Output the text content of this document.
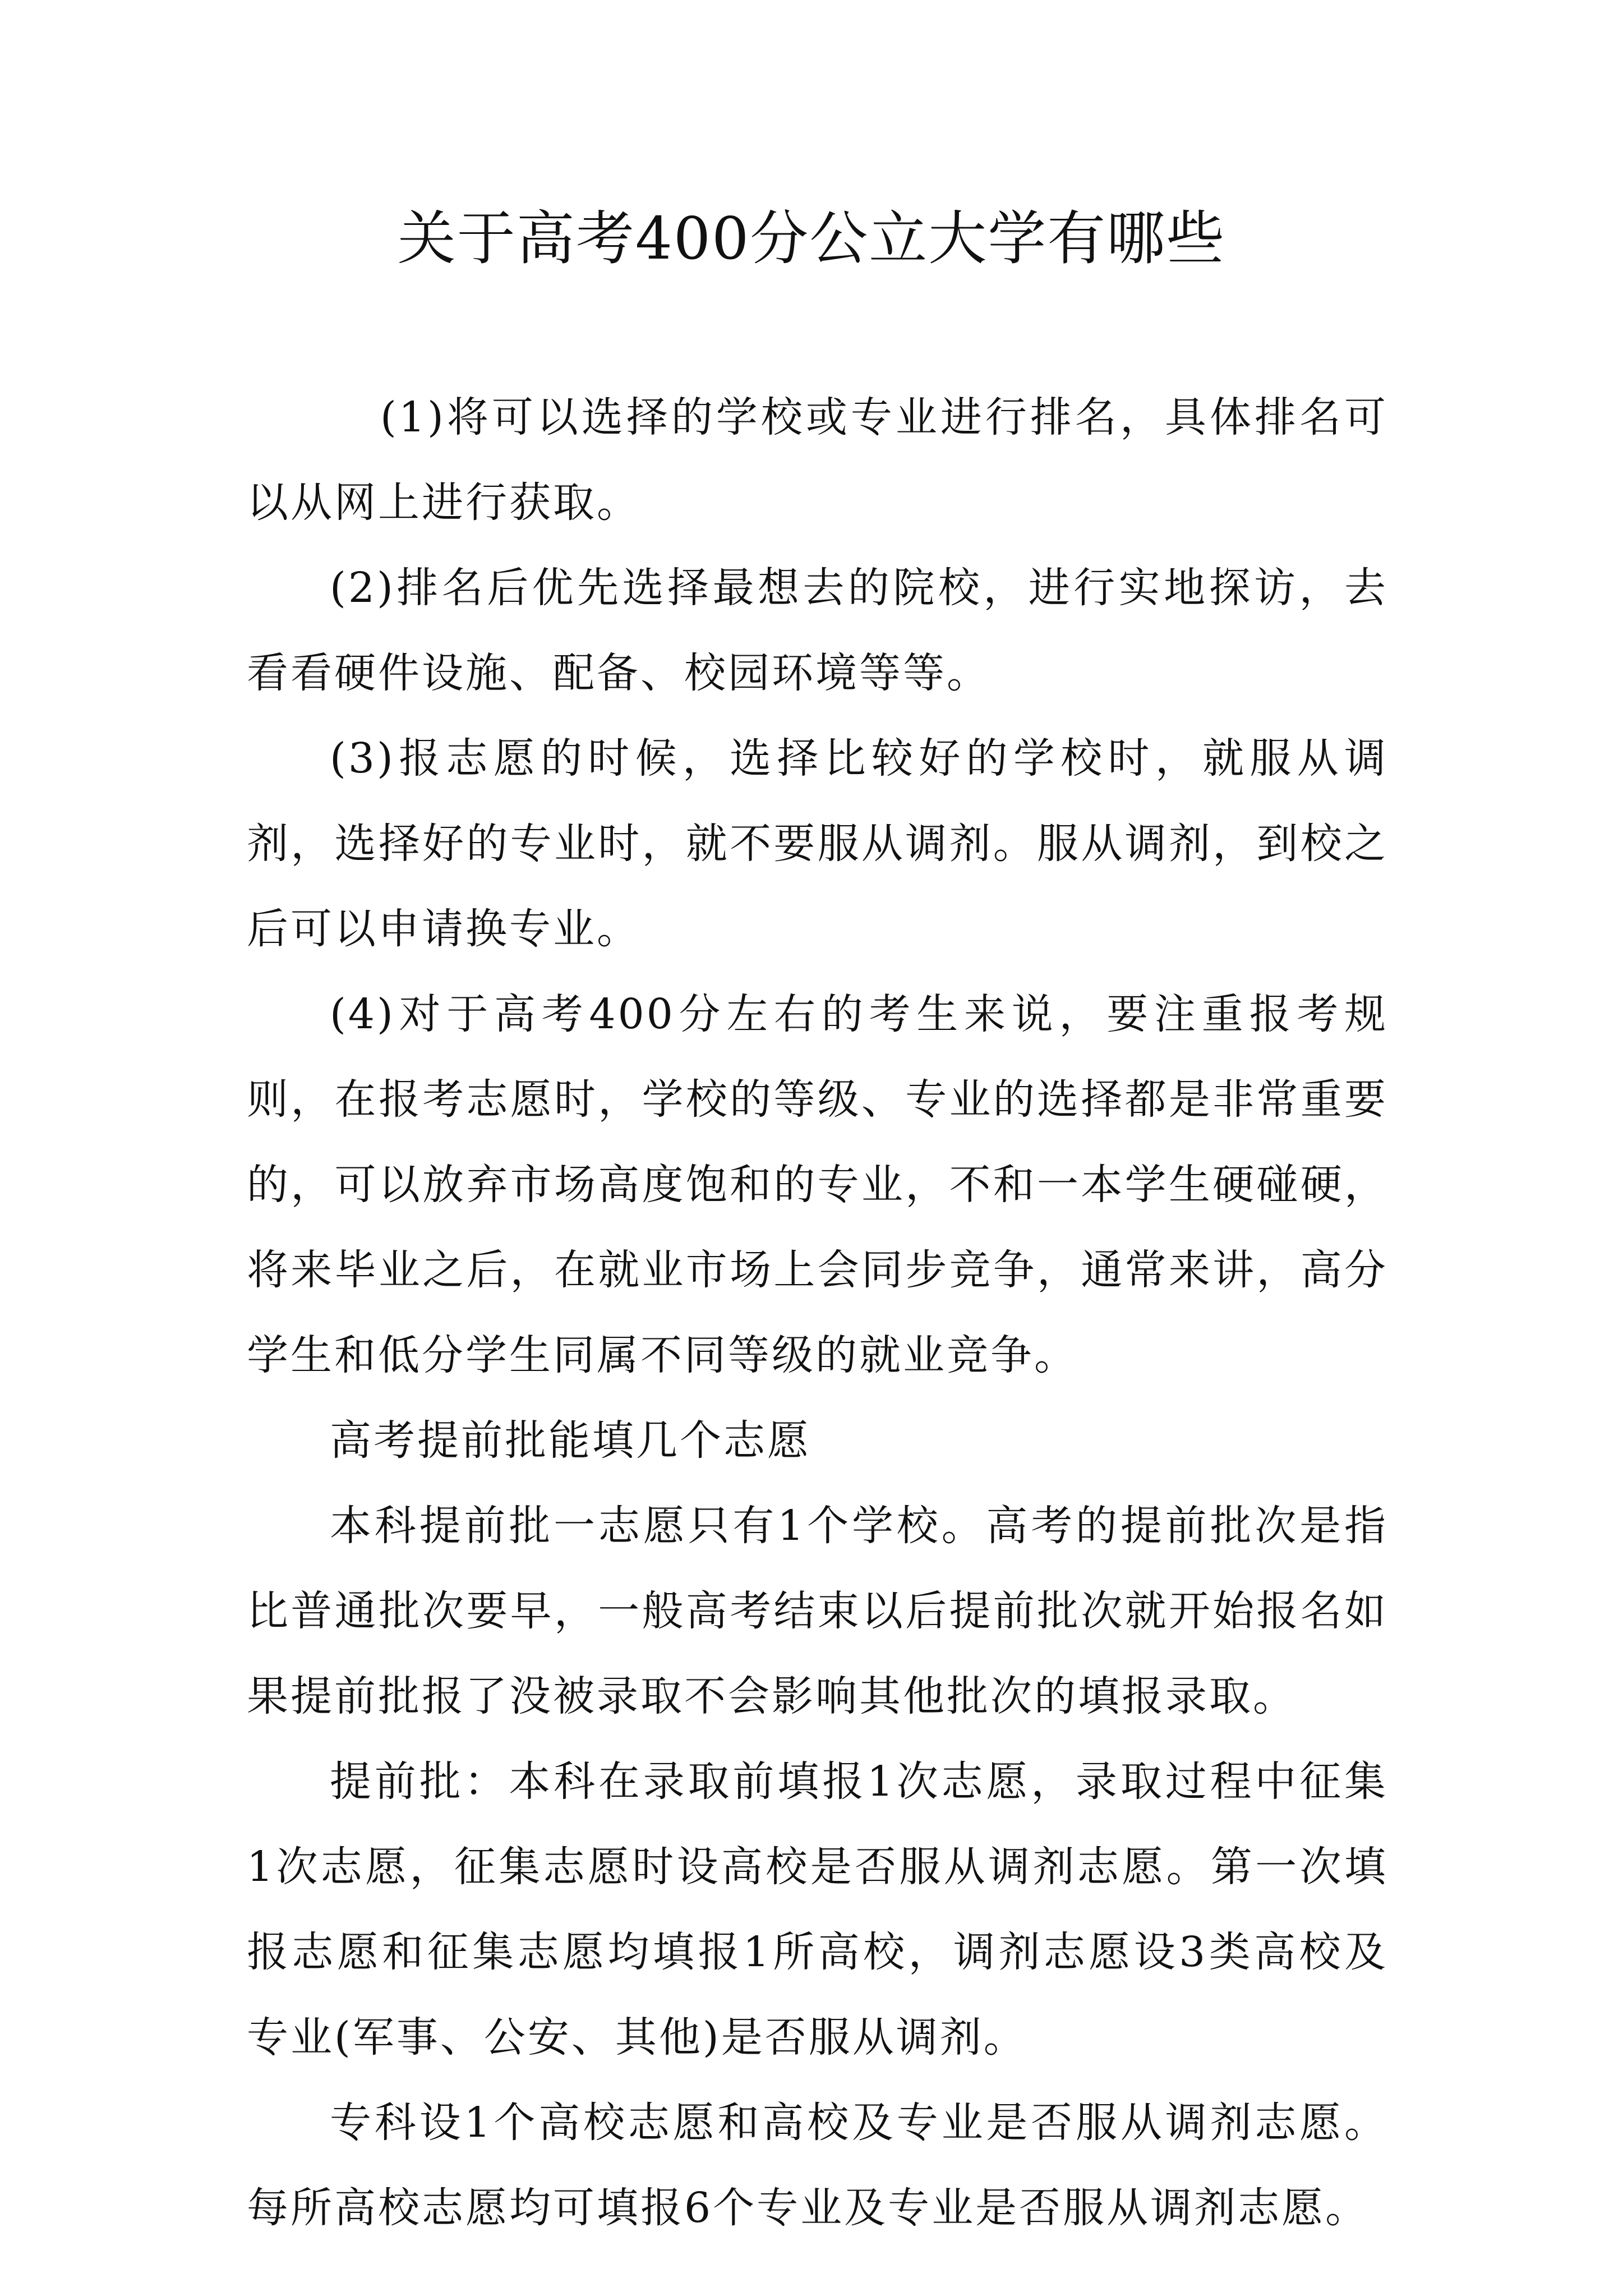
关于高考400分公立大学有哪些

(1)将可以选择的学校或专业进行排名，具体排名可以从网上进行获取。

(2)排名后优先选择最想去的院校，进行实地探访，去看看硬件设施、配备、校园环境等等。

(3)报志愿的时候，选择比较好的学校时，就服从调剂，选择好的专业时，就不要服从调剂。服从调剂，到校之后可以申请换专业。

(4)对于高考400分左右的考生来说，要注重报考规则，在报考志愿时，学校的等级、专业的选择都是非常重要的，可以放弃市场高度饱和的专业，不和一本学生硬碰硬，将来毕业之后，在就业市场上会同步竞争，通常来讲，高分学生和低分学生同属不同等级的就业竞争。

高考提前批能填几个志愿

本科提前批一志愿只有1个学校。高考的提前批次是指比普通批次要早，一般高考结束以后提前批次就开始报名如果提前批报了没被录取不会影响其他批次的填报录取。

提前批：本科在录取前填报1次志愿，录取过程中征集1次志愿，征集志愿时设高校是否服从调剂志愿。第一次填报志愿和征集志愿均填报1所高校，调剂志愿设3类高校及专业(军事、公安、其他)是否服从调剂。

专科设1个高校志愿和高校及专业是否服从调剂志愿。每所高校志愿均可填报6个专业及专业是否服从调剂志愿。
